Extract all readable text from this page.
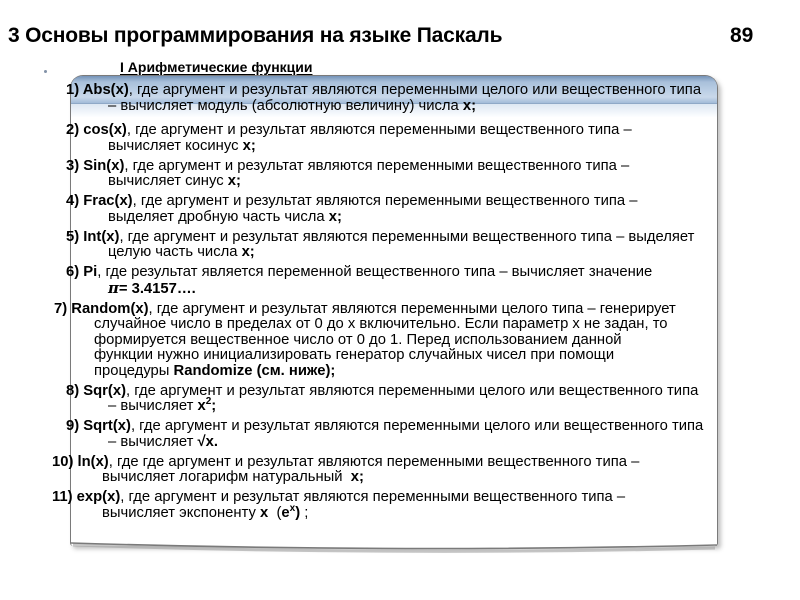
3 Основы программирования на языке Паскаль	89
I Арифметические функции

1) Abs(x), где аргумент и результат являются переменными целого или вещественного типа
– вычисляет модуль (абсолютную величину) числа x;

2) cos(x), где аргумент и результат являются переменными вещественного типа –
вычисляет косинус x;

3) Sin(x), где аргумент и результат являются переменными вещественного типа –
вычисляет синус x;

4) Frac(x), где аргумент и результат являются переменными вещественного типа –
выделяет дробную часть числа x;

5) Int(x), где аргумент и результат являются переменными вещественного типа – выделяет
целую часть числа x;

6) Pi, где результат является переменной вещественного типа – вычисляет значение
π= 3.4157….

7) Random(x), где аргумент и результат являются переменными целого типа – генерирует
случайное число в пределах от 0 до x включительно. Если параметр x не задан, то
формируется вещественное число от 0 до 1. Перед использованием данной
функции нужно инициализировать генератор случайных чисел при помощи
процедуры Randomize (см. ниже);

8) Sqr(x), где аргумент и результат являются переменными целого или вещественного типа
– вычисляет $x^2$;

9) Sqrt(x), где аргумент и результат являются переменными целого или вещественного типа
– вычисляет √x.

10) ln(x), где где аргумент и результат являются переменными вещественного типа –
вычисляет логарифм натуральный  x;

11) exp(x), где аргумент и результат являются переменными вещественного типа –
вычисляет экспоненту x  $(e^x)$ ;
